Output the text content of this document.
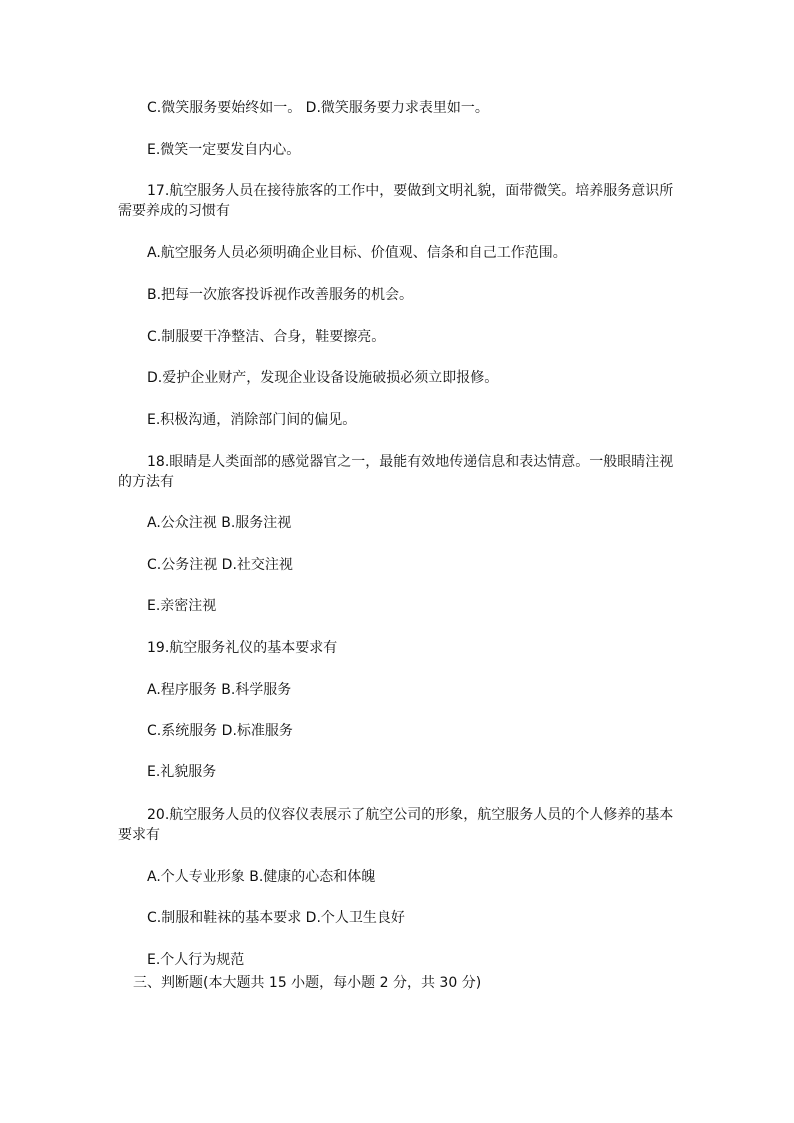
C.微笑服务要始终如一。 D.微笑服务要力求表里如一。

E.微笑一定要发自内心。

17.航空服务人员在接待旅客的工作中，要做到文明礼貌，面带微笑。培养服务意识所需要养成的习惯有

A.航空服务人员必须明确企业目标、价值观、信条和自己工作范围。

B.把每一次旅客投诉视作改善服务的机会。

C.制服要干净整洁、合身，鞋要擦亮。

D.爱护企业财产，发现企业设备设施破损必须立即报修。

E.积极沟通，消除部门间的偏见。

18.眼睛是人类面部的感觉器官之一，最能有效地传递信息和表达情意。一般眼睛注视的方法有

A.公众注视 B.服务注视

C.公务注视 D.社交注视

E.亲密注视

19.航空服务礼仪的基本要求有

A.程序服务 B.科学服务

C.系统服务 D.标准服务

E.礼貌服务

20.航空服务人员的仪容仪表展示了航空公司的形象，航空服务人员的个人修养的基本要求有

A.个人专业形象 B.健康的心态和体魄

C.制服和鞋袜的基本要求 D.个人卫生良好

E.个人行为规范

三、判断题(本大题共 15 小题，每小题 2 分，共 30 分)
